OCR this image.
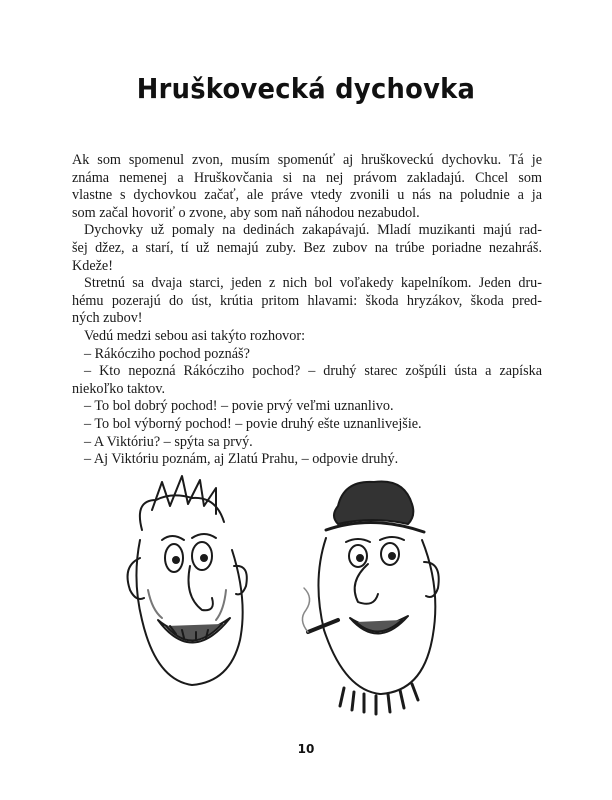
Hruškovecká dychovka
Ak som spomenul zvon, musím spomenúť aj hruškoveckú dychovku. Tá je
známa nemenej a Hruškovčania si na nej právom zakladajú. Chcel som
vlastne s dychovkou začať, ale práve vtedy zvonili u nás na poludnie a ja
som začal hovoriť o zvone, aby som naň náhodou nezabudol.
Dychovky už pomaly na dedinách zakapávajú. Mladí muzikanti majú rad-
šej džez, a starí, tí už nemajú zuby. Bez zubov na trúbe poriadne nezahráš.
Kdeže!
Stretnú sa dvaja starci, jeden z nich bol voľakedy kapelníkom. Jeden dru-
hému pozerajú do úst, krútia pritom hlavami: škoda hryzákov, škoda pred-
ných zubov!
Vedú medzi sebou asi takýto rozhovor:
– Rákócziho pochod poznáš?
– Kto nepozná Rákócziho pochod? – druhý starec zošpúli ústa a zapíska
niekoľko taktov.
– To bol dobrý pochod! – povie prvý veľmi uznanlivo.
– To bol výborný pochod! – povie druhý ešte uznanlivejšie.
– A Viktóriu? – spýta sa prvý.
– Aj Viktóriu poznám, aj Zlatú Prahu, – odpovie druhý.
10
